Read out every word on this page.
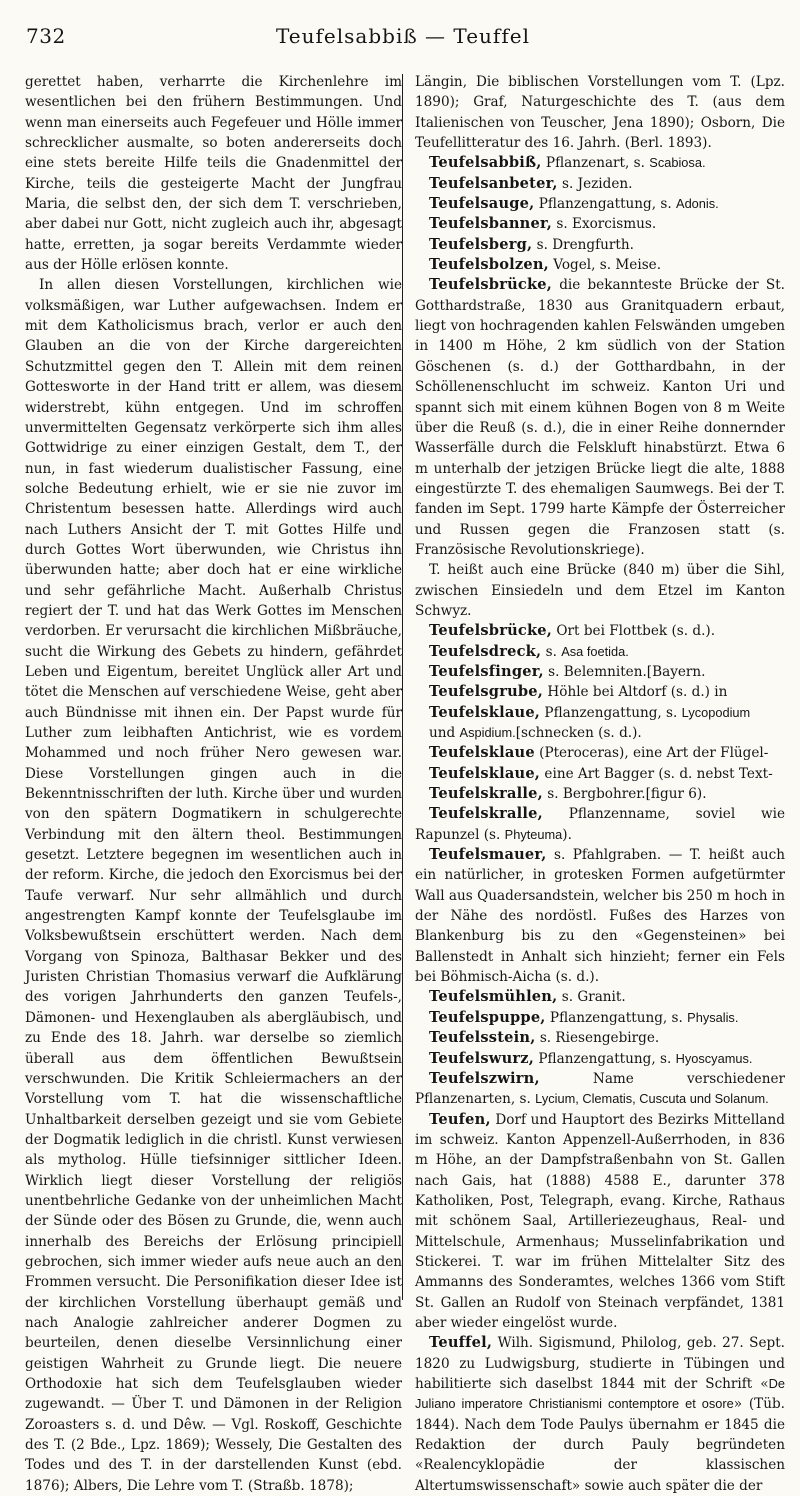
732	Teufelsabbiß — Teuffel

gerettet haben, verharrte die Kirchenlehre im wesentlichen bei den frühern Bestimmungen. Und wenn man einerseits auch Fegefeuer und Hölle immer schrecklicher ausmalte, so boten andererseits doch eine stets bereite Hilfe teils die Gnadenmittel der Kirche, teils die gesteigerte Macht der Jungfrau Maria, die selbst den, der sich dem T. verschrieben, aber dabei nur Gott, nicht zugleich auch ihr, abgesagt hatte, erretten, ja sogar bereits Verdammte wieder aus der Hölle erlösen konnte.

In allen diesen Vorstellungen, kirchlichen wie volksmäßigen, war Luther aufgewachsen. Indem er mit dem Katholicismus brach, verlor er auch den Glauben an die von der Kirche dargereichten Schutzmittel gegen den T. Allein mit dem reinen Gottesworte in der Hand tritt er allem, was diesem widerstrebt, kühn entgegen. Und im schroffen unvermittelten Gegensatz verkörperte sich ihm alles Gottwidrige zu einer einzigen Gestalt, dem T., der nun, in fast wiederum dualistischer Fassung, eine solche Bedeutung erhielt, wie er sie nie zuvor im Christentum besessen hatte. Allerdings wird auch nach Luthers Ansicht der T. mit Gottes Hilfe und durch Gottes Wort überwunden, wie Christus ihn überwunden hatte; aber doch hat er eine wirkliche und sehr gefährliche Macht. Außerhalb Christus regiert der T. und hat das Werk Gottes im Menschen verdorben. Er verursacht die kirchlichen Mißbräuche, sucht die Wirkung des Gebets zu hindern, gefährdet Leben und Eigentum, bereitet Unglück aller Art und tötet die Menschen auf verschiedene Weise, geht aber auch Bündnisse mit ihnen ein. Der Papst wurde für Luther zum leibhaften Antichrist, wie es vordem Mohammed und noch früher Nero gewesen war. Diese Vorstellungen gingen auch in die Bekenntnisschriften der luth. Kirche über und wurden von den spätern Dogmatikern in schulgerechte Verbindung mit den ältern theol. Bestimmungen gesetzt. Letztere begegnen im wesentlichen auch in der reform. Kirche, die jedoch den Exorcismus bei der Taufe verwarf. Nur sehr allmählich und durch angestrengten Kampf konnte der Teufelsglaube im Volksbewußtsein erschüttert werden. Nach dem Vorgang von Spinoza, Balthasar Bekker und des Juristen Christian Thomasius verwarf die Aufklärung des vorigen Jahrhunderts den ganzen Teufels-, Dämonen- und Hexenglauben als abergläubisch, und zu Ende des 18. Jahrh. war derselbe so ziemlich überall aus dem öffentlichen Bewußtsein verschwunden. Die Kritik Schleiermachers an der Vorstellung vom T. hat die wissenschaftliche Unhaltbarkeit derselben gezeigt und sie vom Gebiete der Dogmatik lediglich in die christl. Kunst verwiesen als mytholog. Hülle tiefsinniger sittlicher Ideen. Wirklich liegt dieser Vorstellung der religiös unentbehrliche Gedanke von der unheimlichen Macht der Sünde oder des Bösen zu Grunde, die, wenn auch innerhalb des Bereichs der Erlösung principiell gebrochen, sich immer wieder aufs neue auch an den Frommen versucht. Die Personifikation dieser Idee ist der kirchlichen Vorstellung überhaupt gemäß und nach Analogie zahlreicher anderer Dogmen zu beurteilen, denen dieselbe Versinnlichung einer geistigen Wahrheit zu Grunde liegt. Die neuere Orthodoxie hat sich dem Teufelsglauben wieder zugewandt. — Über T. und Dämonen in der Religion Zoroasters s. d. und Dêw. — Vgl. Roskoff, Geschichte des T. (2 Bde., Lpz. 1869); Wessely, Die Gestalten des Todes und des T. in der darstellenden Kunst (ebd. 1876); Albers, Die Lehre vom T. (Straßb. 1878);

Längin, Die biblischen Vorstellungen vom T. (Lpz. 1890); Graf, Naturgeschichte des T. (aus dem Italienischen von Teuscher, Jena 1890); Osborn, Die Teufellitteratur des 16. Jahrh. (Berl. 1893).

Teufelsabbiß, Pflanzenart, s. Scabiosa.

Teufelsanbeter, s. Jeziden.

Teufelsauge, Pflanzengattung, s. Adonis.

Teufelsbanner, s. Exorcismus.

Teufelsberg, s. Drengfurth.

Teufelsbolzen, Vogel, s. Meise.

Teufelsbrücke, die bekannteste Brücke der St. Gotthardstraße, 1830 aus Granitquadern erbaut, liegt von hochragenden kahlen Felswänden umgeben in 1400 m Höhe, 2 km südlich von der Station Göschenen (s. d.) der Gotthardbahn, in der Schöllenenschlucht im schweiz. Kanton Uri und spannt sich mit einem kühnen Bogen von 8 m Weite über die Reuß (s. d.), die in einer Reihe donnernder Wasserfälle durch die Felskluft hinabstürzt. Etwa 6 m unterhalb der jetzigen Brücke liegt die alte, 1888 eingestürzte T. des ehemaligen Saumwegs. Bei der T. fanden im Sept. 1799 harte Kämpfe der Österreicher und Russen gegen die Franzosen statt (s. Französische Revolutionskriege).

T. heißt auch eine Brücke (840 m) über die Sihl, zwischen Einsiedeln und dem Etzel im Kanton Schwyz.

Teufelsbrücke, Ort bei Flottbek (s. d.).

Teufelsdreck, s. Asa foetida.

Teufelsfinger, s. Belemniten.[Bayern.

Teufelsgrube, Höhle bei Altdorf (s. d.) in

Teufelsklaue, Pflanzengattung, s. Lycopodium

und Aspidium.[schnecken (s. d.).

Teufelsklaue (Pteroceras), eine Art der Flügel-

Teufelsklaue, eine Art Bagger (s. d. nebst Text-

Teufelskralle, s. Bergbohrer.[figur 6).

Teufelskralle, Pflanzenname, soviel wie Rapunzel (s. Phyteuma).

Teufelsmauer, s. Pfahlgraben. — T. heißt auch ein natürlicher, in grotesken Formen aufgetürmter Wall aus Quadersandstein, welcher bis 250 m hoch in der Nähe des nordöstl. Fußes des Harzes von Blankenburg bis zu den «Gegensteinen» bei Ballenstedt in Anhalt sich hinzieht; ferner ein Fels bei Böhmisch-Aicha (s. d.).

Teufelsmühlen, s. Granit.

Teufelspuppe, Pflanzengattung, s. Physalis.

Teufelsstein, s. Riesengebirge.

Teufelswurz, Pflanzengattung, s. Hyoscyamus.

Teufelszwirn,	Name verschiedener Pflanzenarten, s. Lycium, Clematis, Cuscuta und Solanum.

Teufen, Dorf und Hauptort des Bezirks Mittelland im schweiz. Kanton Appenzell-Außerrhoden, in 836 m Höhe, an der Dampfstraßenbahn von St. Gallen nach Gais, hat (1888) 4588 E., darunter 378 Katholiken, Post, Telegraph, evang. Kirche, Rathaus mit schönem Saal, Artilleriezeughaus, Real- und Mittelschule, Armenhaus; Musselinfabrikation und Stickerei. T. war im frühen Mittelalter Sitz des Ammanns des Sonderamtes, welches 1366 vom Stift St. Gallen an Rudolf von Steinach verpfändet, 1381 aber wieder eingelöst wurde.

Teuffel, Wilh. Sigismund, Philolog, geb. 27. Sept. 1820 zu Ludwigsburg, studierte in Tübingen und habilitierte sich daselbst 1844 mit der Schrift «De Juliano imperatore Christianismi contemptore et osore» (Tüb. 1844). Nach dem Tode Paulys übernahm er 1845 die Redaktion der durch Pauly begründeten «Realencyklopädie der klassischen Altertumswissenschaft» sowie auch später die der
